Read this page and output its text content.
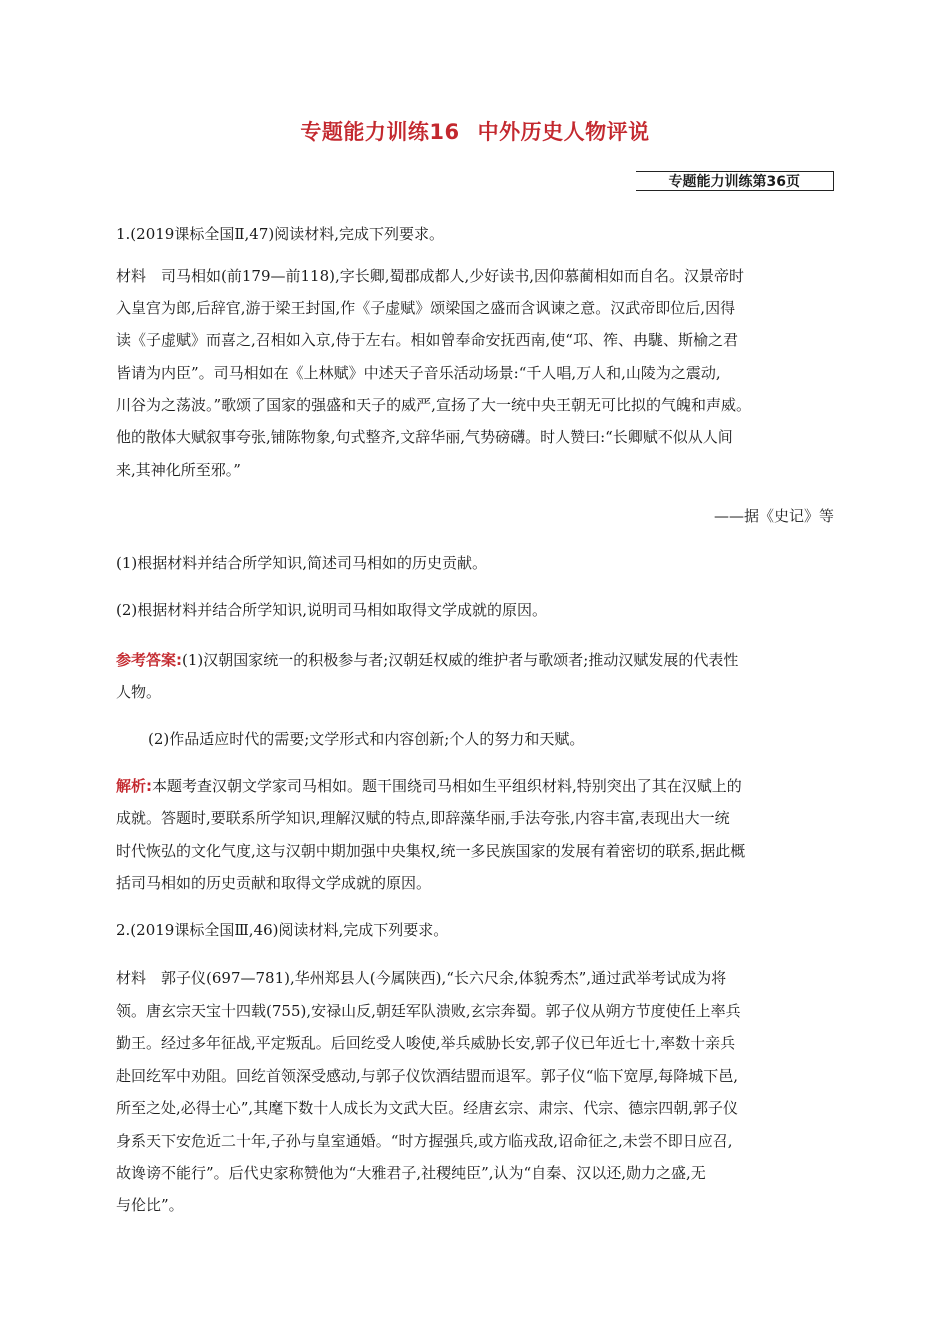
专题能力训练16 中外历史人物评说
专题能力训练第36页
1.(2019课标全国Ⅱ,47)阅读材料,完成下列要求。
材料　司马相如(前179—前118),字长卿,蜀郡成都人,少好读书,因仰慕蔺相如而自名。汉景帝时
入皇宫为郎,后辞官,游于梁王封国,作《子虚赋》颂梁国之盛而含讽谏之意。汉武帝即位后,因得
读《子虚赋》而喜之,召相如入京,侍于左右。相如曾奉命安抚西南,使“邛、筰、冉駹、斯榆之君
皆请为内臣”。司马相如在《上林赋》中述天子音乐活动场景:“千人唱,万人和,山陵为之震动,
川谷为之荡波。”歌颂了国家的强盛和天子的威严,宣扬了大一统中央王朝无可比拟的气魄和声威。
他的散体大赋叙事夸张,铺陈物象,句式整齐,文辞华丽,气势磅礴。时人赞曰:“长卿赋不似从人间
来,其神化所至邪。”
——据《史记》等
(1)根据材料并结合所学知识,简述司马相如的历史贡献。
(2)根据材料并结合所学知识,说明司马相如取得文学成就的原因。
参考答案:(1)汉朝国家统一的积极参与者;汉朝廷权威的维护者与歌颂者;推动汉赋发展的代表性
人物。
(2)作品适应时代的需要;文学形式和内容创新;个人的努力和天赋。
解析:本题考查汉朝文学家司马相如。题干围绕司马相如生平组织材料,特别突出了其在汉赋上的
成就。答题时,要联系所学知识,理解汉赋的特点,即辞藻华丽,手法夸张,内容丰富,表现出大一统
时代恢弘的文化气度,这与汉朝中期加强中央集权,统一多民族国家的发展有着密切的联系,据此概
括司马相如的历史贡献和取得文学成就的原因。
2.(2019课标全国Ⅲ,46)阅读材料,完成下列要求。
材料　郭子仪(697—781),华州郑县人(今属陕西),“长六尺余,体貌秀杰”,通过武举考试成为将
领。唐玄宗天宝十四载(755),安禄山反,朝廷军队溃败,玄宗奔蜀。郭子仪从朔方节度使任上率兵
勤王。经过多年征战,平定叛乱。后回纥受人唆使,举兵威胁长安,郭子仪已年近七十,率数十亲兵
赴回纥军中劝阻。回纥首领深受感动,与郭子仪饮酒结盟而退军。郭子仪“临下宽厚,每降城下邑,
所至之处,必得士心”,其麾下数十人成长为文武大臣。经唐玄宗、肃宗、代宗、德宗四朝,郭子仪
身系天下安危近二十年,子孙与皇室通婚。“时方握强兵,或方临戎敌,诏命征之,未尝不即日应召,
故谗谤不能行”。后代史家称赞他为“大雅君子,社稷纯臣”,认为“自秦、汉以还,勋力之盛,无
与伦比”。
